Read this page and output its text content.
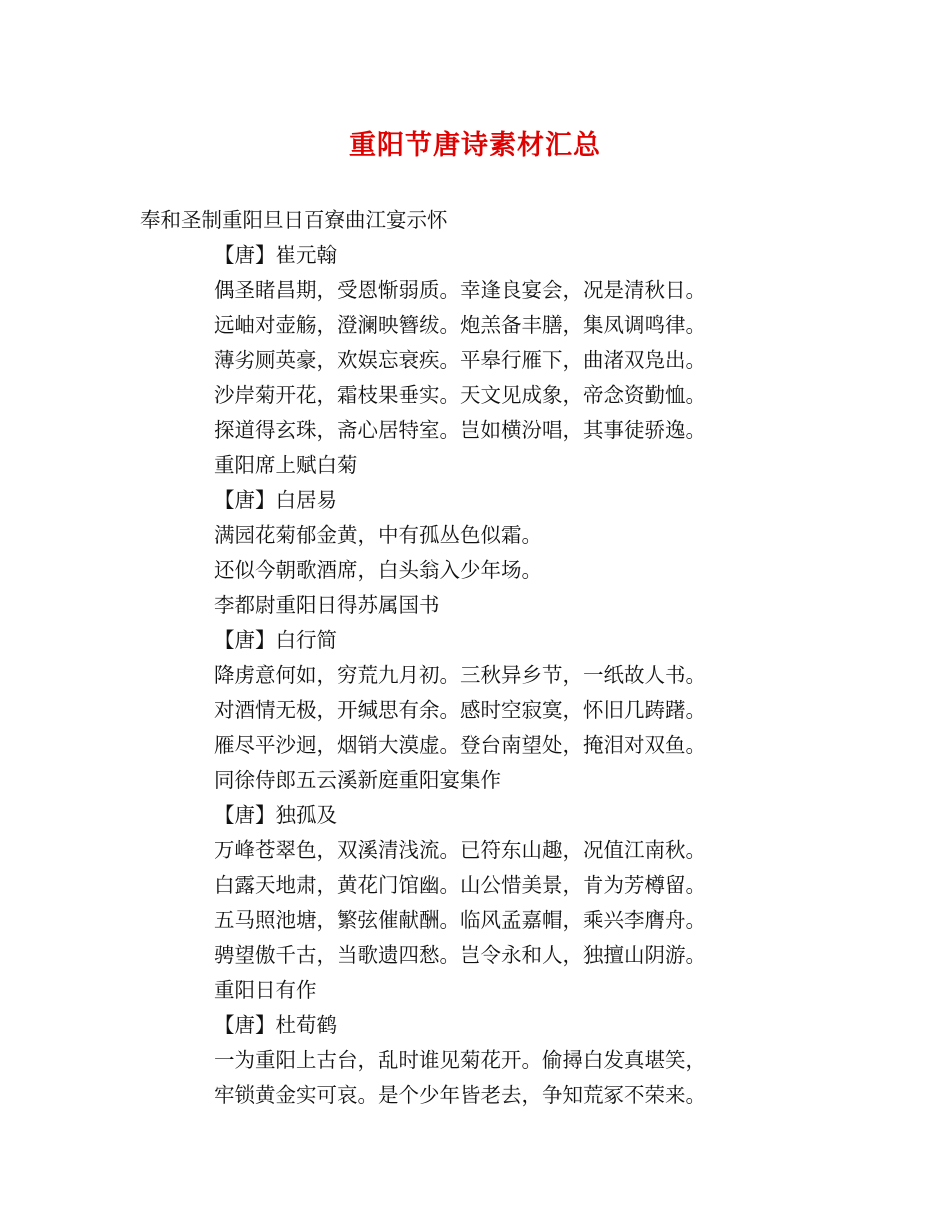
重阳节唐诗素材汇总

奉和圣制重阳旦日百寮曲江宴示怀

【唐】崔元翰

偶圣睹昌期，受恩惭弱质。幸逢良宴会，况是清秋日。

远岫对壶觞，澄澜映簪绂。炮羔备丰膳，集凤调鸣律。

薄劣厕英豪，欢娱忘衰疾。平皋行雁下，曲渚双凫出。

沙岸菊开花，霜枝果垂实。天文见成象，帝念资勤恤。

探道得玄珠，斋心居特室。岂如横汾唱，其事徒骄逸。

重阳席上赋白菊

【唐】白居易

满园花菊郁金黄，中有孤丛色似霜。

还似今朝歌酒席，白头翁入少年场。

李都尉重阳日得苏属国书

【唐】白行简

降虏意何如，穷荒九月初。三秋异乡节，一纸故人书。

对酒情无极，开缄思有余。感时空寂寞，怀旧几踌躇。

雁尽平沙迥，烟销大漠虚。登台南望处，掩泪对双鱼。

同徐侍郎五云溪新庭重阳宴集作

【唐】独孤及

万峰苍翠色，双溪清浅流。已符东山趣，况值江南秋。

白露天地肃，黄花门馆幽。山公惜美景，肯为芳樽留。

五马照池塘，繁弦催献酬。临风孟嘉帽，乘兴李膺舟。

骋望傲千古，当歌遗四愁。岂令永和人，独擅山阴游。

重阳日有作

【唐】杜荀鹤

一为重阳上古台，乱时谁见菊花开。偷撏白发真堪笑，

牢锁黄金实可哀。是个少年皆老去，争知荒冢不荣来。
